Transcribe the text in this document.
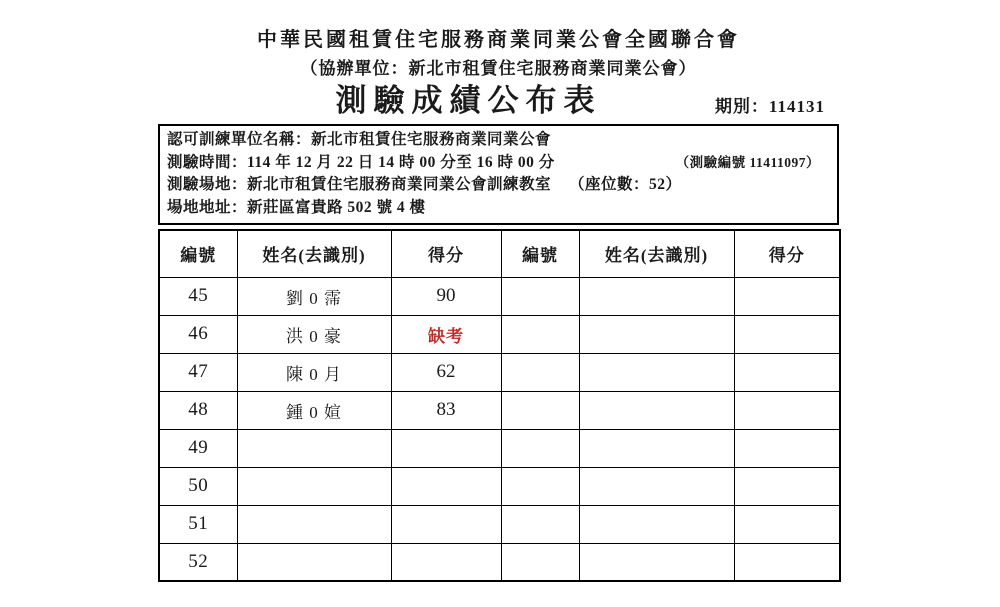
中華民國租賃住宅服務商業同業公會全國聯合會
（協辦單位：新北市租賃住宅服務商業同業公會）
測驗成績公布表	期別：114131
認可訓練單位名稱：新北市租賃住宅服務商業同業公會
測驗時間：114 年 12 月 22 日 14 時 00 分至 16 時 00 分	（測驗編號 11411097）
測驗場地：新北市租賃住宅服務商業同業公會訓練教室 （座位數：52）
場地地址：新莊區富貴路 502 號 4 樓
編號	姓名(去識別)	得分	編號	姓名(去識別)	得分
45	劉 0 霈	90			
46	洪 0 豪	缺考			
47	陳 0 月	62			
48	鍾 0 媗	83			
49					
50					
51					
52					
